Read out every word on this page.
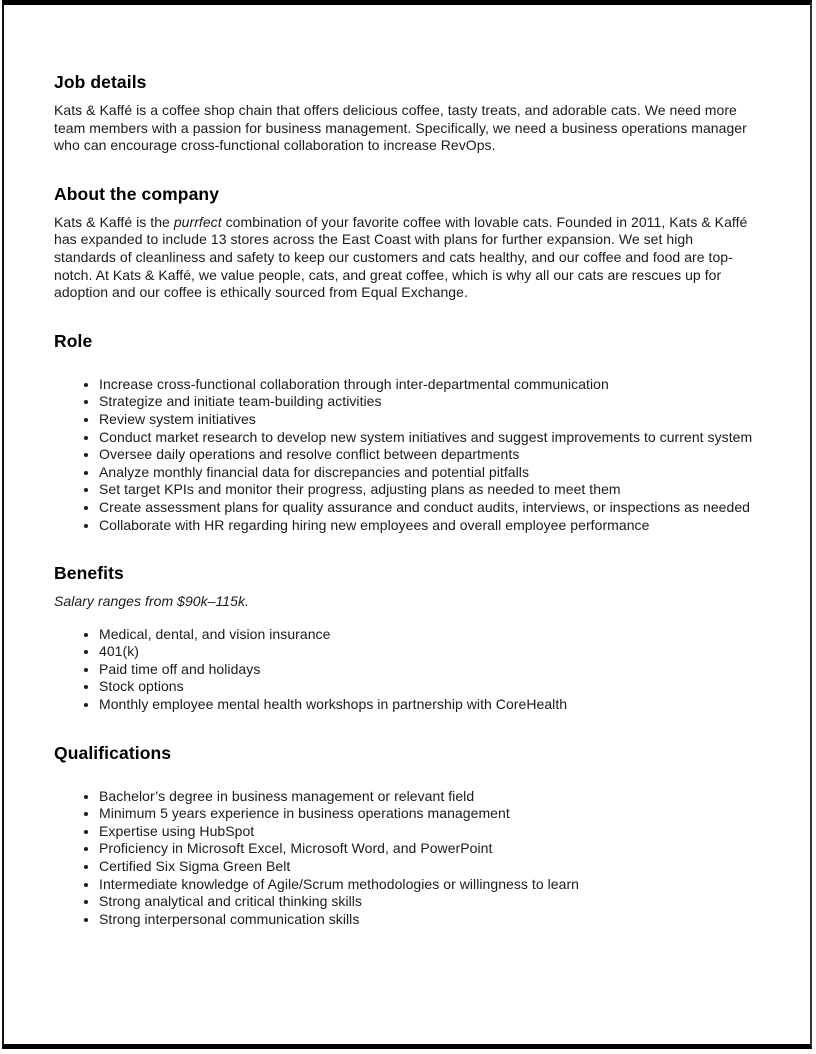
Job details

Kats & Kaffé is a coffee shop chain that offers delicious coffee, tasty treats, and adorable cats. We need more team members with a passion for business management. Specifically, we need a business operations manager who can encourage cross-functional collaboration to increase RevOps.

About the company

Kats & Kaffé is the purrfect combination of your favorite coffee with lovable cats. Founded in 2011, Kats & Kaffé has expanded to include 13 stores across the East Coast with plans for further expansion. We set high standards of cleanliness and safety to keep our customers and cats healthy, and our coffee and food are top-notch. At Kats & Kaffé, we value people, cats, and great coffee, which is why all our cats are rescues up for adoption and our coffee is ethically sourced from Equal Exchange.

Role
• Increase cross-functional collaboration through inter-departmental communication
• Strategize and initiate team-building activities
• Review system initiatives
• Conduct market research to develop new system initiatives and suggest improvements to current system
• Oversee daily operations and resolve conflict between departments
• Analyze monthly financial data for discrepancies and potential pitfalls
• Set target KPIs and monitor their progress, adjusting plans as needed to meet them
• Create assessment plans for quality assurance and conduct audits, interviews, or inspections as needed
• Collaborate with HR regarding hiring new employees and overall employee performance
Benefits

Salary ranges from $90k–115k.

• Medical, dental, and vision insurance
• 401(k)
• Paid time off and holidays
• Stock options
• Monthly employee mental health workshops in partnership with CoreHealth
Qualifications
• Bachelor’s degree in business management or relevant field
• Minimum 5 years experience in business operations management
• Expertise using HubSpot
• Proficiency in Microsoft Excel, Microsoft Word, and PowerPoint
• Certified Six Sigma Green Belt
• Intermediate knowledge of Agile/Scrum methodologies or willingness to learn
• Strong analytical and critical thinking skills
• Strong interpersonal communication skills
